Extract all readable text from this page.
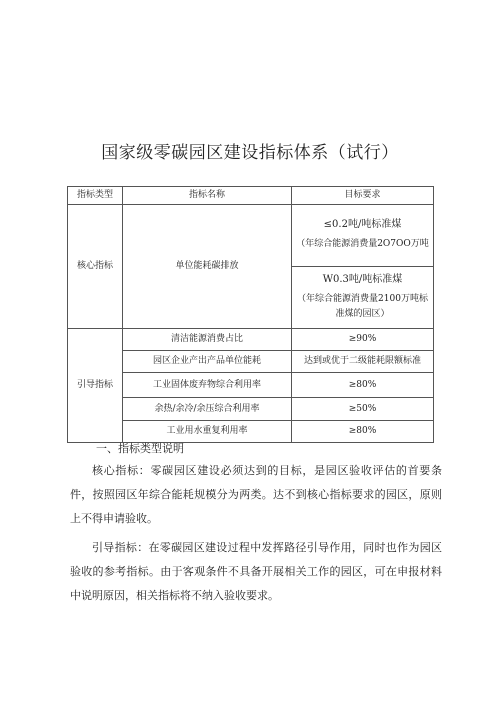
国家级零碳园区建设指标体系（试行）
指标类型	指标名称	目标要求
核心指标	单位能耗碳排放	≤0.2吨/吨标准煤
（年综合能源消费量2O7OO万吨

		W0.3吨/吨标准煤
（年综合能源消费量2100万吨标准煤的园区）

引导指标	清洁能源消费占比	≥90%
	园区企业产出产品单位能耗	达到或优于二级能耗限额标准
	工业固体废弃物综合利用率	≥80%
	余热/余冷/余压综合利用率	≥50%
	工业用水重复利用率	≥80%
一、指标类型说明
核心指标：零碳园区建设必须达到的目标，是园区验收评估的首要条件，按照园区年综合能耗规模分为两类。达不到核心指标要求的园区，原则上不得申请验收。
引导指标：在零碳园区建设过程中发挥路径引导作用，同时也作为园区验收的参考指标。由于客观条件不具备开展相关工作的园区，可在申报材料中说明原因，相关指标将不纳入验收要求。
